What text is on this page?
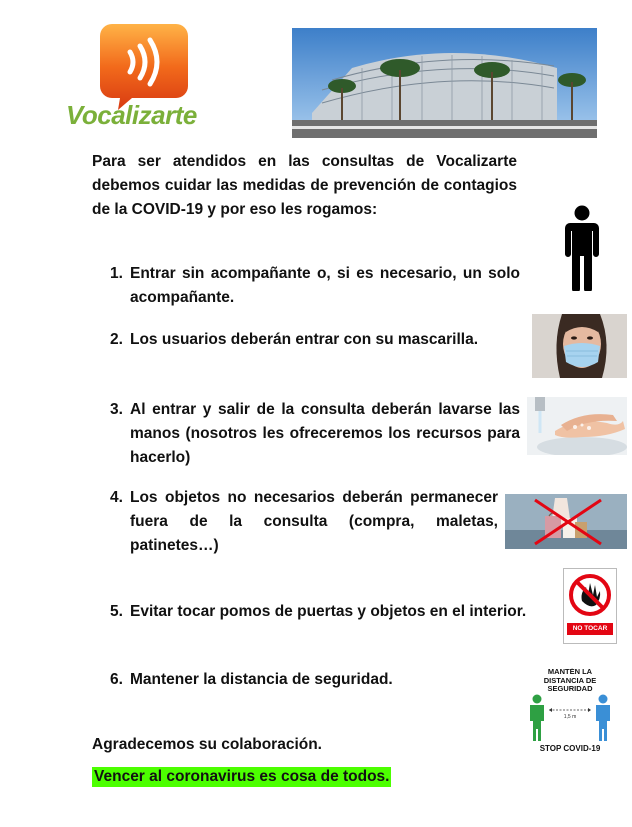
Vocalizarte
Para ser atendidos en las consultas de Vocalizarte debemos cuidar las medidas de prevención de contagios de la COVID-19 y por eso les rogamos:
1. Entrar sin acompañante o, si es necesario, un solo acompañante.
2. Los usuarios deberán entrar con su mascarilla.
3. Al entrar y salir de la consulta deberán lavarse las manos (nosotros les ofreceremos los recursos para hacerlo)
4. Los objetos no necesarios deberán permanecer fuera de la consulta (compra, maletas, patinetes…)
5. Evitar tocar pomos de puertas y objetos en el interior.
6. Mantener la distancia de seguridad.
NO TOCAR
MANTÉN LA DISTANCIA DE SEGURIDAD
1,5 m
STOP COVID-19
Agradecemos su colaboración.
Vencer al coronavirus es cosa de todos.
